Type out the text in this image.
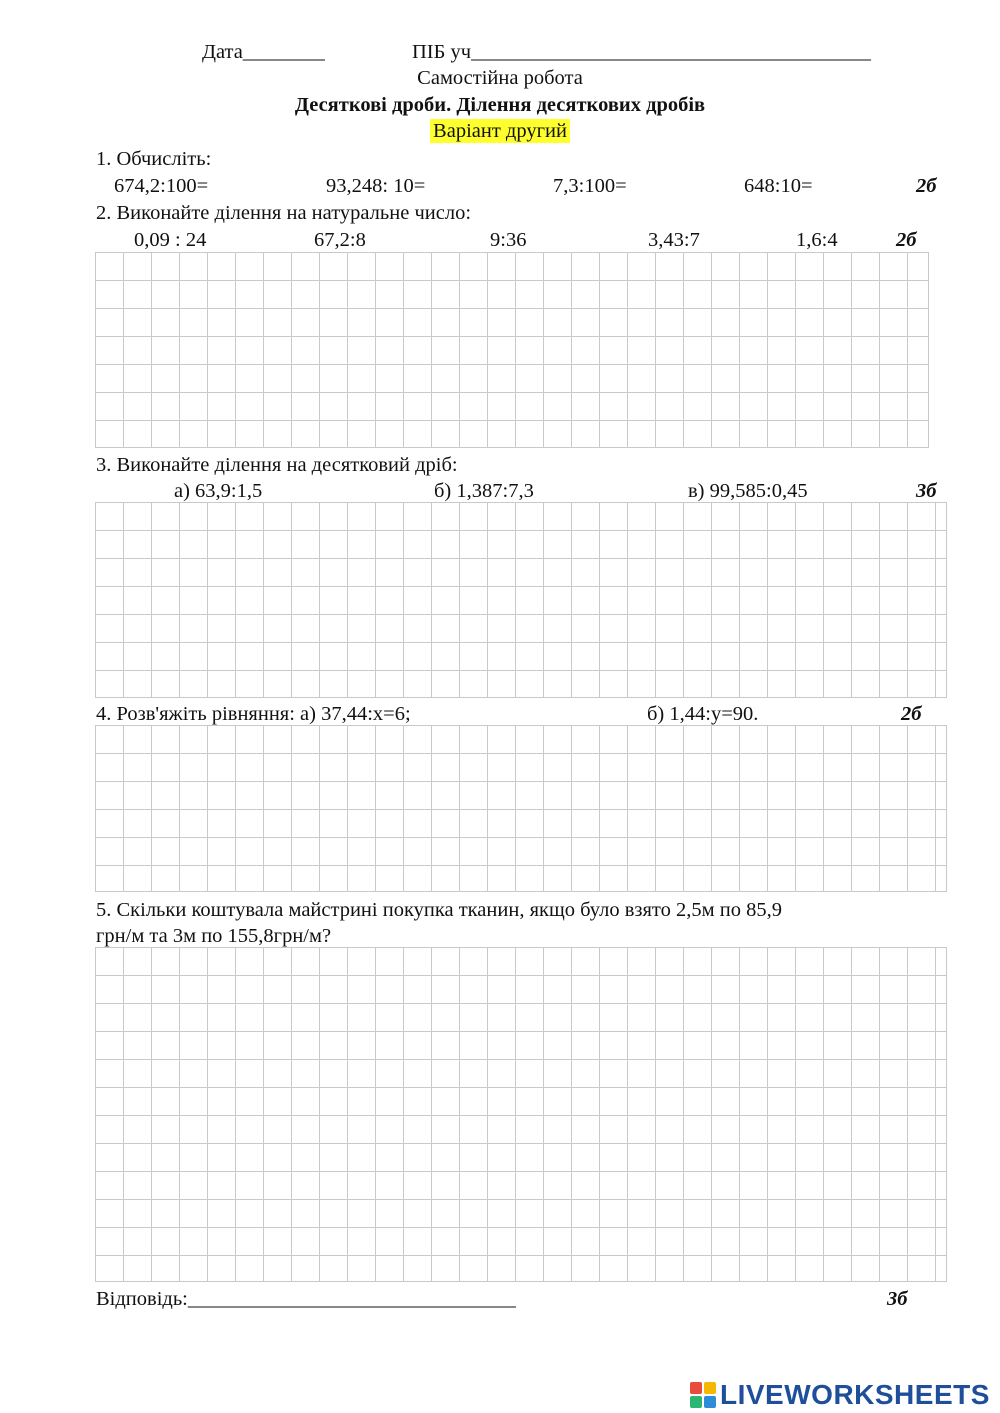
Дата________	ПІБ уч_______________________________________
Самостійна робота
Десяткові дроби. Ділення десяткових дробів
Варіант другий
1. Обчисліть:
674,2:100=	93,248: 10=	7,3:100=	648:10=	2б
2. Виконайте ділення на натуральне число:
0,09 : 24	67,2:8	9:36	3,43:7	1,6:4	2б
3. Виконайте ділення на десятковий дріб:
а) 63,9:1,5	б) 1,387:7,3	в) 99,585:0,45	3б
4. Розв'яжіть рівняння: а) 37,44:х=6;	б) 1,44:у=90.	2б
5. Скільки коштувала майстрині покупка тканин, якщо було взято 2,5м по 85,9
грн/м та 3м по 155,8грн/м?
Відповідь:________________________________	3б
LIVEWORKSHEETS
